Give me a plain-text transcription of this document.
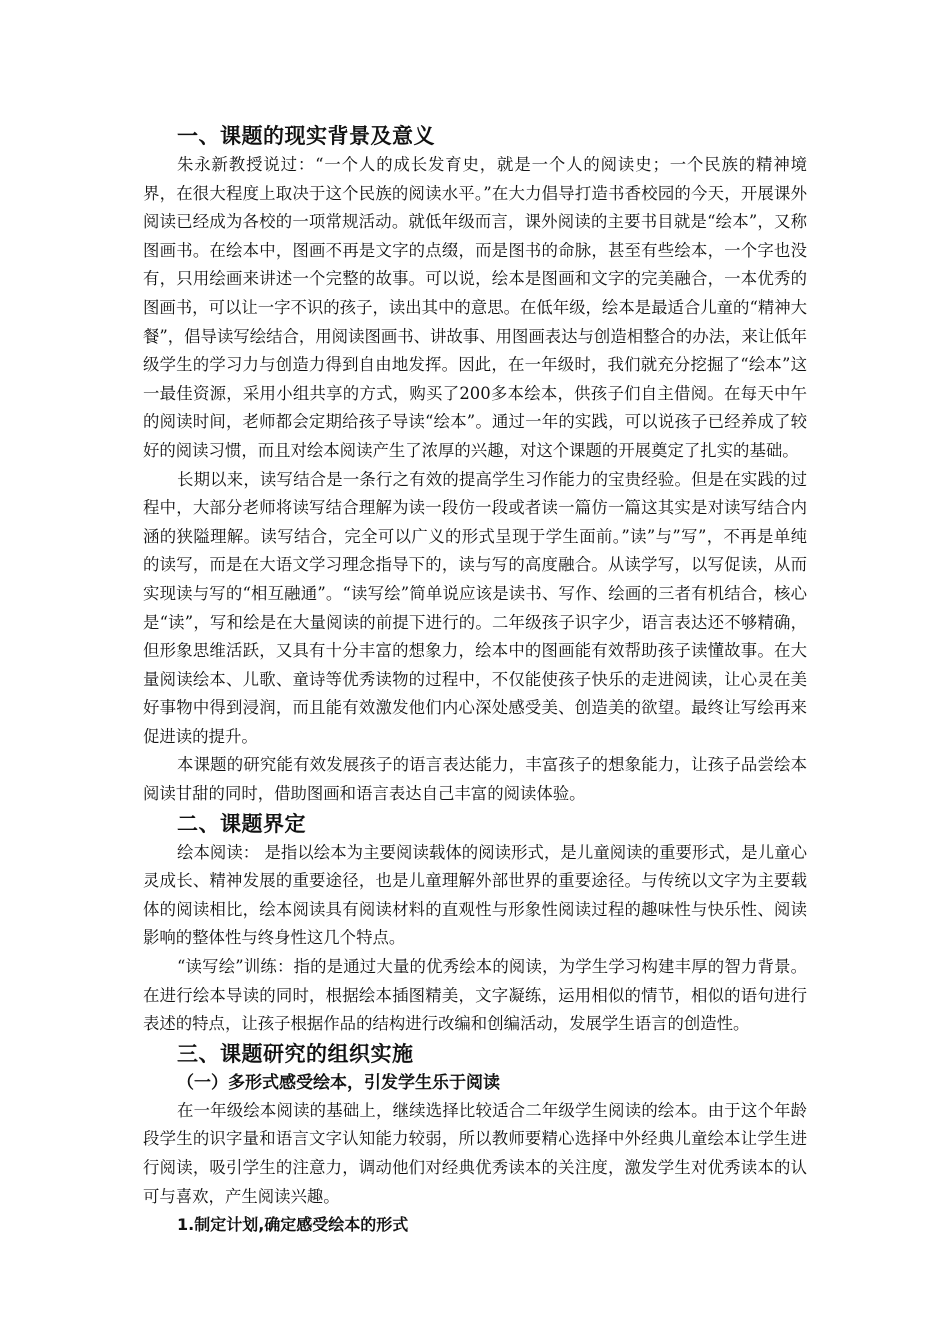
一、课题的现实背景及意义

朱永新教授说过：“一个人的成长发育史，就是一个人的阅读史；一个民族的精神境界，在很大程度上取决于这个民族的阅读水平。”在大力倡导打造书香校园的今天，开展课外阅读已经成为各校的一项常规活动。就低年级而言，课外阅读的主要书目就是“绘本”，又称图画书。在绘本中，图画不再是文字的点缀，而是图书的命脉，甚至有些绘本，一个字也没有，只用绘画来讲述一个完整的故事。可以说，绘本是图画和文字的完美融合，一本优秀的图画书，可以让一字不识的孩子，读出其中的意思。在低年级，绘本是最适合儿童的“精神大餐”，倡导读写绘结合，用阅读图画书、讲故事、用图画表达与创造相整合的办法，来让低年级学生的学习力与创造力得到自由地发挥。因此，在一年级时，我们就充分挖掘了“绘本”这一最佳资源，采用小组共享的方式，购买了200多本绘本，供孩子们自主借阅。在每天中午的阅读时间，老师都会定期给孩子导读“绘本”。通过一年的实践，可以说孩子已经养成了较好的阅读习惯，而且对绘本阅读产生了浓厚的兴趣，对这个课题的开展奠定了扎实的基础。

长期以来，读写结合是一条行之有效的提高学生习作能力的宝贵经验。但是在实践的过程中，大部分老师将读写结合理解为读一段仿一段或者读一篇仿一篇这其实是对读写结合内涵的狭隘理解。读写结合，完全可以广义的形式呈现于学生面前。”读”与”写”，不再是单纯的读写，而是在大语文学习理念指导下的，读与写的高度融合。从读学写，以写促读，从而实现读与写的“相互融通”。“读写绘”简单说应该是读书、写作、绘画的三者有机结合，核心是“读”，写和绘是在大量阅读的前提下进行的。二年级孩子识字少，语言表达还不够精确，但形象思维活跃，又具有十分丰富的想象力，绘本中的图画能有效帮助孩子读懂故事。在大量阅读绘本、儿歌、童诗等优秀读物的过程中，不仅能使孩子快乐的走进阅读，让心灵在美好事物中得到浸润，而且能有效激发他们内心深处感受美、创造美的欲望。最终让写绘再来促进读的提升。

本课题的研究能有效发展孩子的语言表达能力，丰富孩子的想象能力，让孩子品尝绘本阅读甘甜的同时，借助图画和语言表达自己丰富的阅读体验。

二、课题界定

绘本阅读： 是指以绘本为主要阅读载体的阅读形式，是儿童阅读的重要形式，是儿童心灵成长、精神发展的重要途径，也是儿童理解外部世界的重要途径。与传统以文字为主要载体的阅读相比，绘本阅读具有阅读材料的直观性与形象性阅读过程的趣味性与快乐性、阅读影响的整体性与终身性这几个特点。

“读写绘”训练：指的是通过大量的优秀绘本的阅读，为学生学习构建丰厚的智力背景。在进行绘本导读的同时，根据绘本插图精美，文字凝练，运用相似的情节，相似的语句进行表述的特点，让孩子根据作品的结构进行改编和创编活动，发展学生语言的创造性。

三、课题研究的组织实施
（一）多形式感受绘本，引发学生乐于阅读

在一年级绘本阅读的基础上，继续选择比较适合二年级学生阅读的绘本。由于这个年龄段学生的识字量和语言文字认知能力较弱，所以教师要精心选择中外经典儿童绘本让学生进行阅读，吸引学生的注意力，调动他们对经典优秀读本的关注度，激发学生对优秀读本的认可与喜欢，产生阅读兴趣。

1.制定计划,确定感受绘本的形式
